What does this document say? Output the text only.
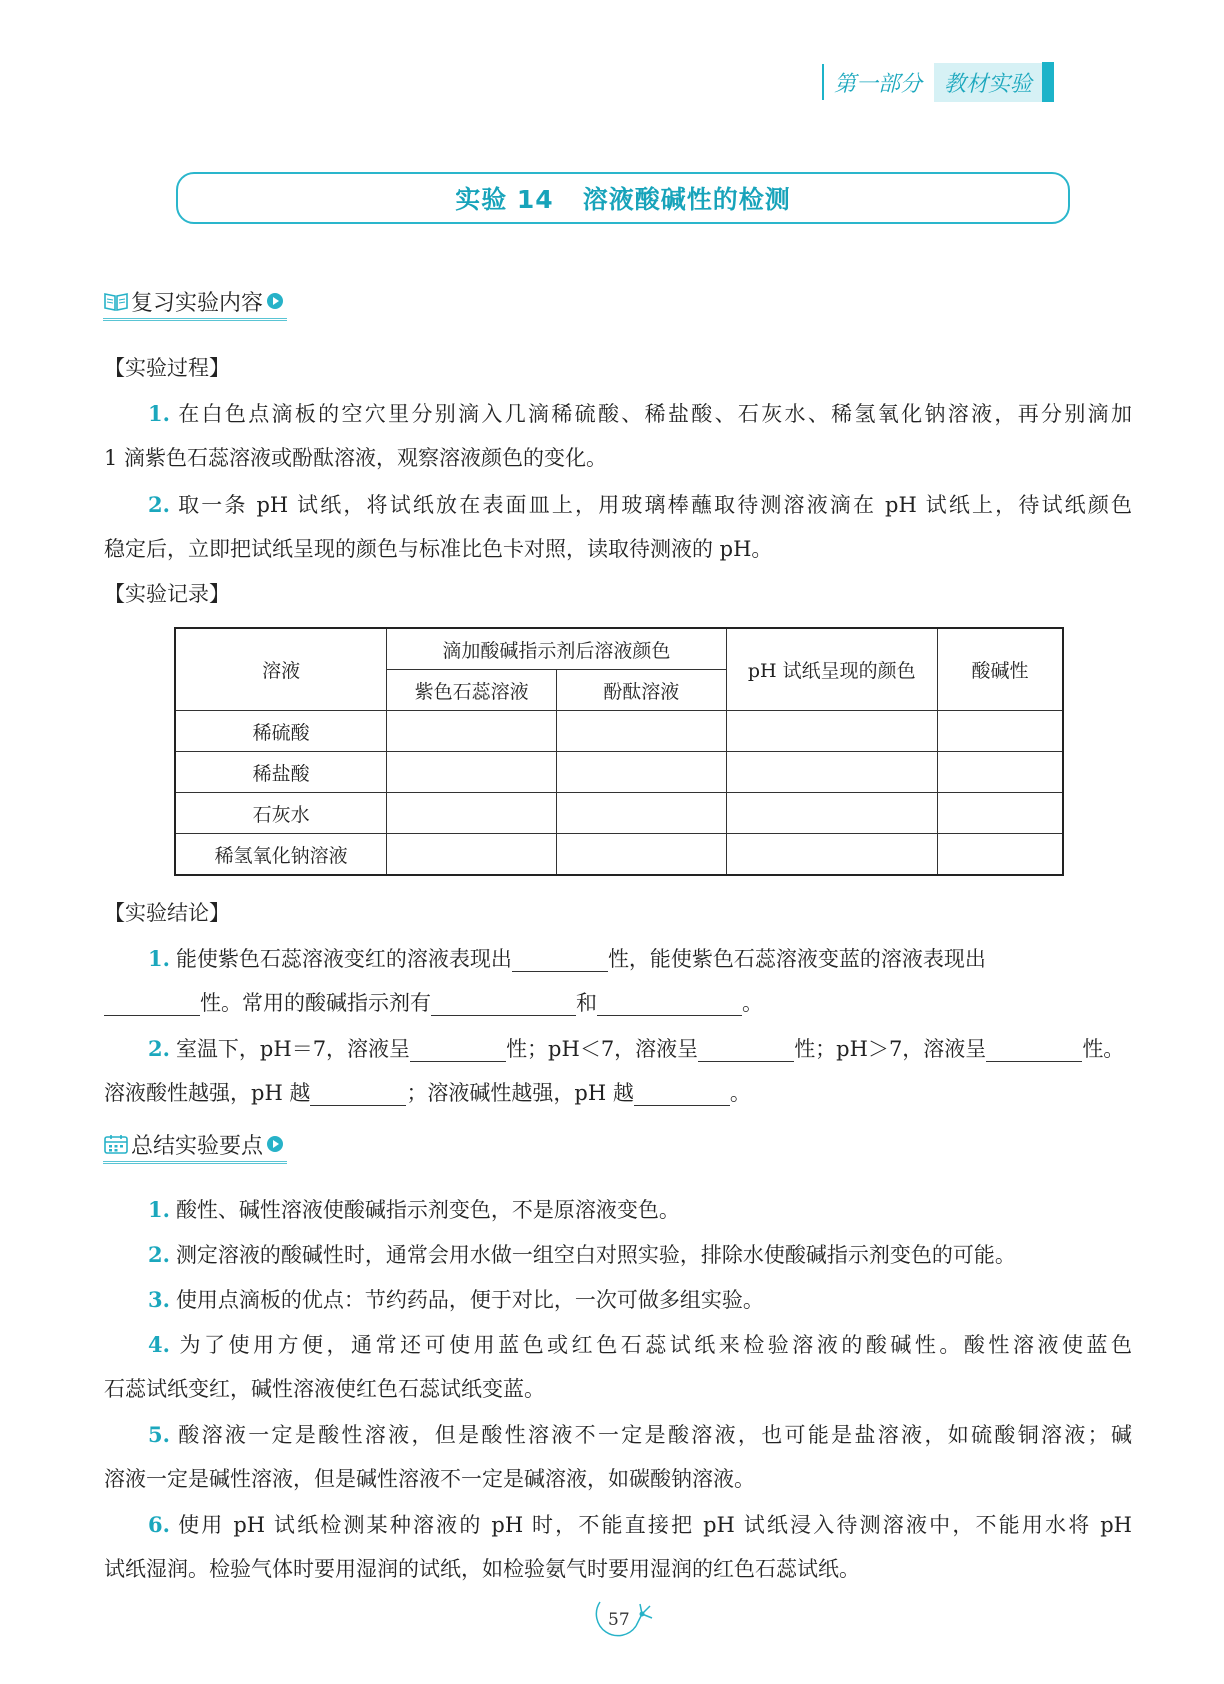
第一部分	教材实验
实验 14   溶液酸碱性的检测
复习实验内容
【实验过程】
1. 在白色点滴板的空穴里分别滴入几滴稀硫酸、稀盐酸、石灰水、稀氢氧化钠溶液，再分别滴加
1 滴紫色石蕊溶液或酚酞溶液，观察溶液颜色的变化。
2. 取一条 pH 试纸，将试纸放在表面皿上，用玻璃棒蘸取待测溶液滴在 pH 试纸上，待试纸颜色
稳定后，立即把试纸呈现的颜色与标准比色卡对照，读取待测液的 pH。
【实验记录】
溶液	滴加酸碱指示剂后溶液颜色		pH 试纸呈现的颜色	酸碱性
	紫色石蕊溶液	酚酞溶液		
稀硫酸				
稀盐酸				
石灰水				
稀氢氧化钠溶液				
【实验结论】
1. 能使紫色石蕊溶液变红的溶液表现出	性，能使紫色石蕊溶液变蓝的溶液表现出
性。常用的酸碱指示剂有	和	。
2. 室温下，pH＝7，溶液呈	性；pH＜7，溶液呈	性；pH＞7，溶液呈	性。
溶液酸性越强，pH 越	；溶液碱性越强，pH 越	。
总结实验要点
1. 酸性、碱性溶液使酸碱指示剂变色，不是原溶液变色。
2. 测定溶液的酸碱性时，通常会用水做一组空白对照实验，排除水使酸碱指示剂变色的可能。
3. 使用点滴板的优点：节约药品，便于对比，一次可做多组实验。
4. 为了使用方便，通常还可使用蓝色或红色石蕊试纸来检验溶液的酸碱性。酸性溶液使蓝色
石蕊试纸变红，碱性溶液使红色石蕊试纸变蓝。
5. 酸溶液一定是酸性溶液，但是酸性溶液不一定是酸溶液，也可能是盐溶液，如硫酸铜溶液；碱
溶液一定是碱性溶液，但是碱性溶液不一定是碱溶液，如碳酸钠溶液。
6. 使用 pH 试纸检测某种溶液的 pH 时，不能直接把 pH 试纸浸入待测溶液中，不能用水将 pH
试纸湿润。检验气体时要用湿润的试纸，如检验氨气时要用湿润的红色石蕊试纸。
57
